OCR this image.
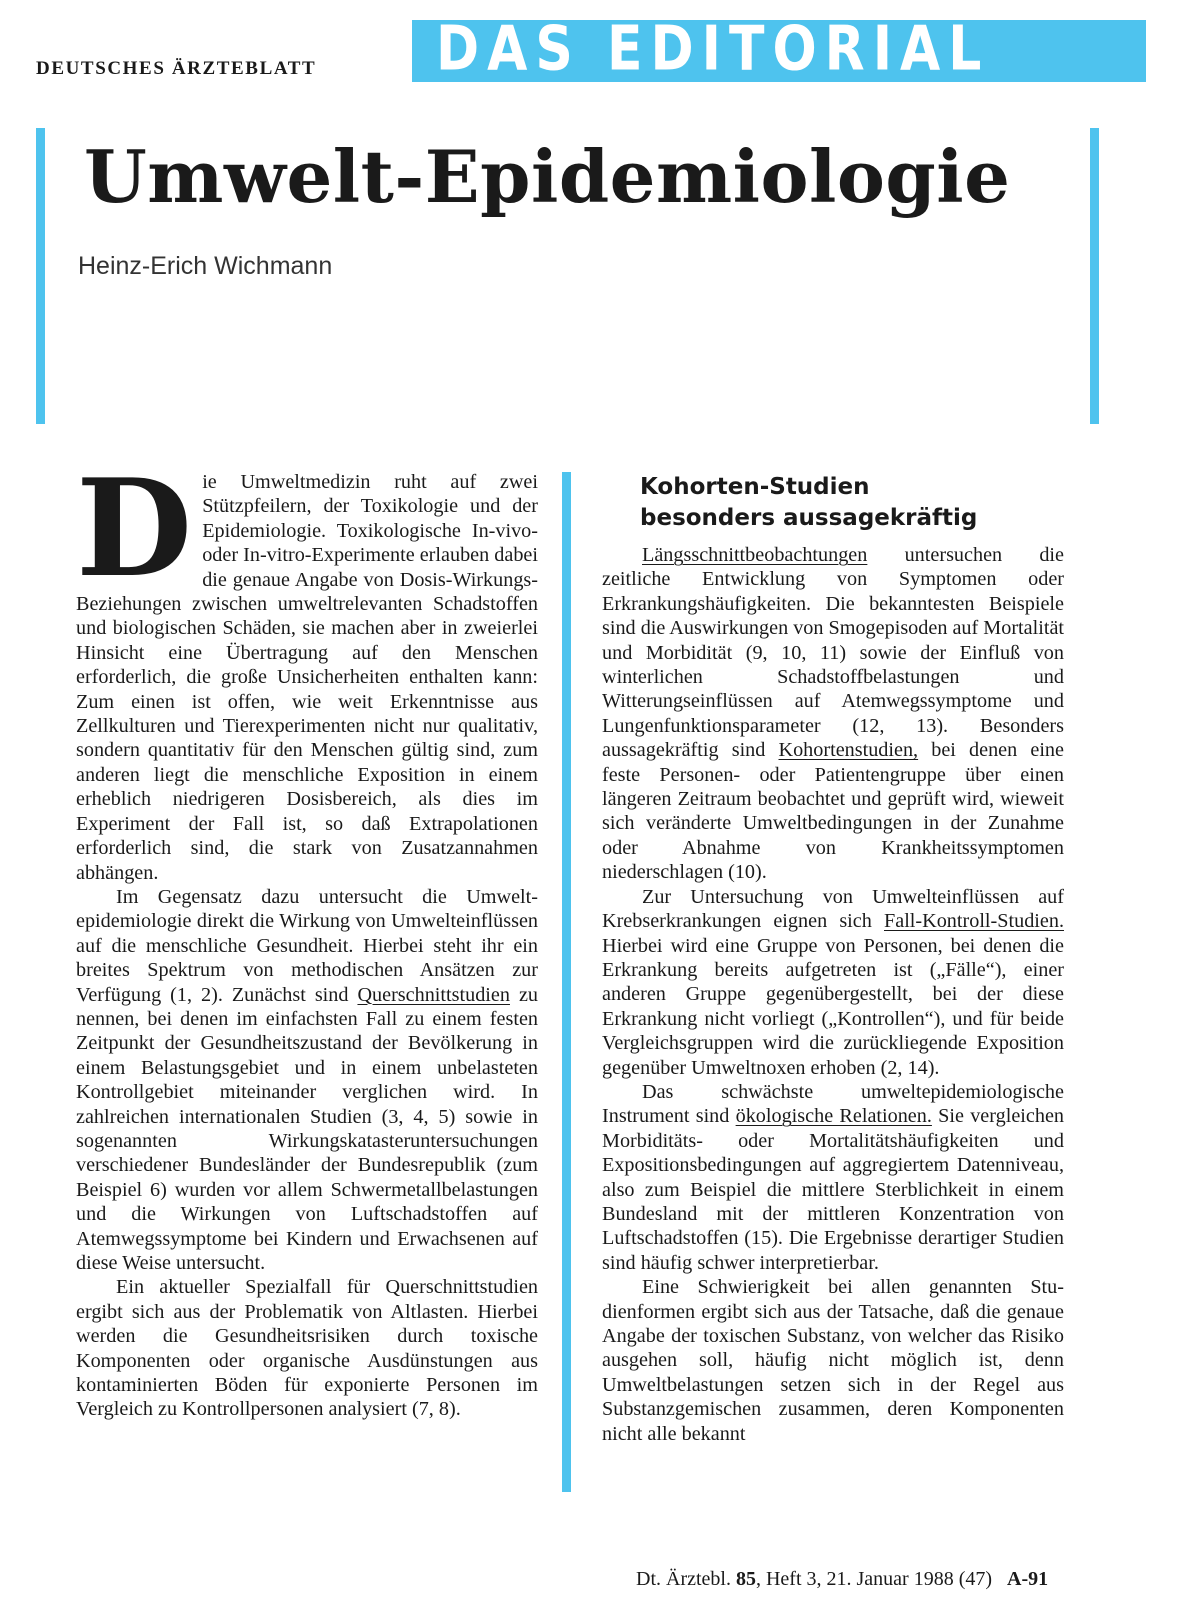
DEUTSCHES ÄRZTEBLATT DAS EDITORIAL
Umwelt-Epidemiologie
Heinz-Erich Wichmann

Die Umweltmedizin ruht auf zwei Stützpfeilern, der Toxikologie und der Epidemiologie. Toxikologische In-vivo- oder In-vitro-Experimente erlauben dabei die genaue Angabe von Dosis-Wirkungs-Beziehungen zwischen umweltrelevanten Schadstoffen und biologischen Schäden, sie machen aber in zweierlei Hinsicht eine Übertragung auf den Menschen erforderlich, die große Unsicherheiten enthalten kann: Zum einen ist offen, wie weit Erkenntnisse aus Zellkulturen und Tierexperimenten nicht nur qualitativ, sondern quantitativ für den Menschen gültig sind, zum anderen liegt die menschliche Exposition in einem erheblich niedrigeren Dosisbereich, als dies im Experiment der Fall ist, so daß Extrapolationen erforderlich sind, die stark von Zusatzannahmen abhängen.

Im Gegensatz dazu untersucht die Umweltepidemiologie direkt die Wirkung von Umwelteinflüssen auf die menschliche Gesundheit. Hierbei steht ihr ein breites Spektrum von methodischen Ansätzen zur Verfügung (1, 2). Zunächst sind Querschnittstudien zu nennen, bei denen im einfachsten Fall zu einem festen Zeitpunkt der Gesundheitszustand der Bevölkerung in einem Belastungsgebiet und in einem unbelasteten Kontrollgebiet miteinander verglichen wird. In zahlreichen internationalen Studien (3, 4, 5) sowie in sogenannten Wirkungskatasteruntersuchungen verschiedener Bundesländer der Bundesrepublik (zum Beispiel 6) wurden vor allem Schwermetallbelastungen und die Wirkungen von Luftschadstoffen auf Atemwegssymptome bei Kindern und Erwachsenen auf diese Weise untersucht.

Ein aktueller Spezialfall für Querschnittstudien ergibt sich aus der Problematik von Altlasten. Hierbei werden die Gesundheitsrisiken durch toxische Komponenten oder organische Ausdünstungen aus kontaminierten Böden für exponierte Personen im Vergleich zu Kontrollpersonen analysiert (7, 8).

Kohorten-Studien
besonders aussagekräftig

Längsschnittbeobachtungen untersuchen die zeitliche Entwicklung von Symptomen oder Erkrankungshäufigkeiten. Die bekanntesten Beispiele sind die Auswirkungen von Smogepisoden auf Mortalität und Morbidität (9, 10, 11) sowie der Einfluß von winterlichen Schadstoffbelastungen und Witterungseinflüssen auf Atemwegssymptome und Lungenfunktionsparameter (12, 13). Besonders aussagekräftig sind Kohortenstudien, bei denen eine feste Personen- oder Patientengruppe über einen längeren Zeitraum beobachtet und geprüft wird, wieweit sich veränderte Umweltbedingungen in der Zunahme oder Abnahme von Krankheitssymptomen niederschlagen (10).

Zur Untersuchung von Umwelteinflüssen auf Krebserkrankungen eignen sich Fall-Kontroll-Studien. Hierbei wird eine Gruppe von Personen, bei denen die Erkrankung bereits aufgetreten ist („Fälle“), einer anderen Gruppe gegenübergestellt, bei der diese Erkrankung nicht vorliegt („Kontrollen“), und für beide Vergleichsgruppen wird die zurückliegende Exposition gegenüber Umweltnoxen erhoben (2, 14).

Das schwächste umweltepidemiologische Instrument sind ökologische Relationen. Sie vergleichen Morbiditäts- oder Mortalitätshäufigkeiten und Expositionsbedingungen auf aggregiertem Datenniveau, also zum Beispiel die mittlere Sterblichkeit in einem Bundesland mit der mittleren Konzentration von Luftschadstoffen (15). Die Ergebnisse derartiger Studien sind häufig schwer interpretierbar.

Eine Schwierigkeit bei allen genannten Studienformen ergibt sich aus der Tatsache, daß die genaue Angabe der toxischen Substanz, von welcher das Risiko ausgehen soll, häufig nicht möglich ist, denn Umweltbelastungen setzen sich in der Regel aus Substanzgemischen zusammen, deren Komponenten nicht alle bekannt

Dt. Ärztebl. 85, Heft 3, 21. Januar 1988 (47) A-91
